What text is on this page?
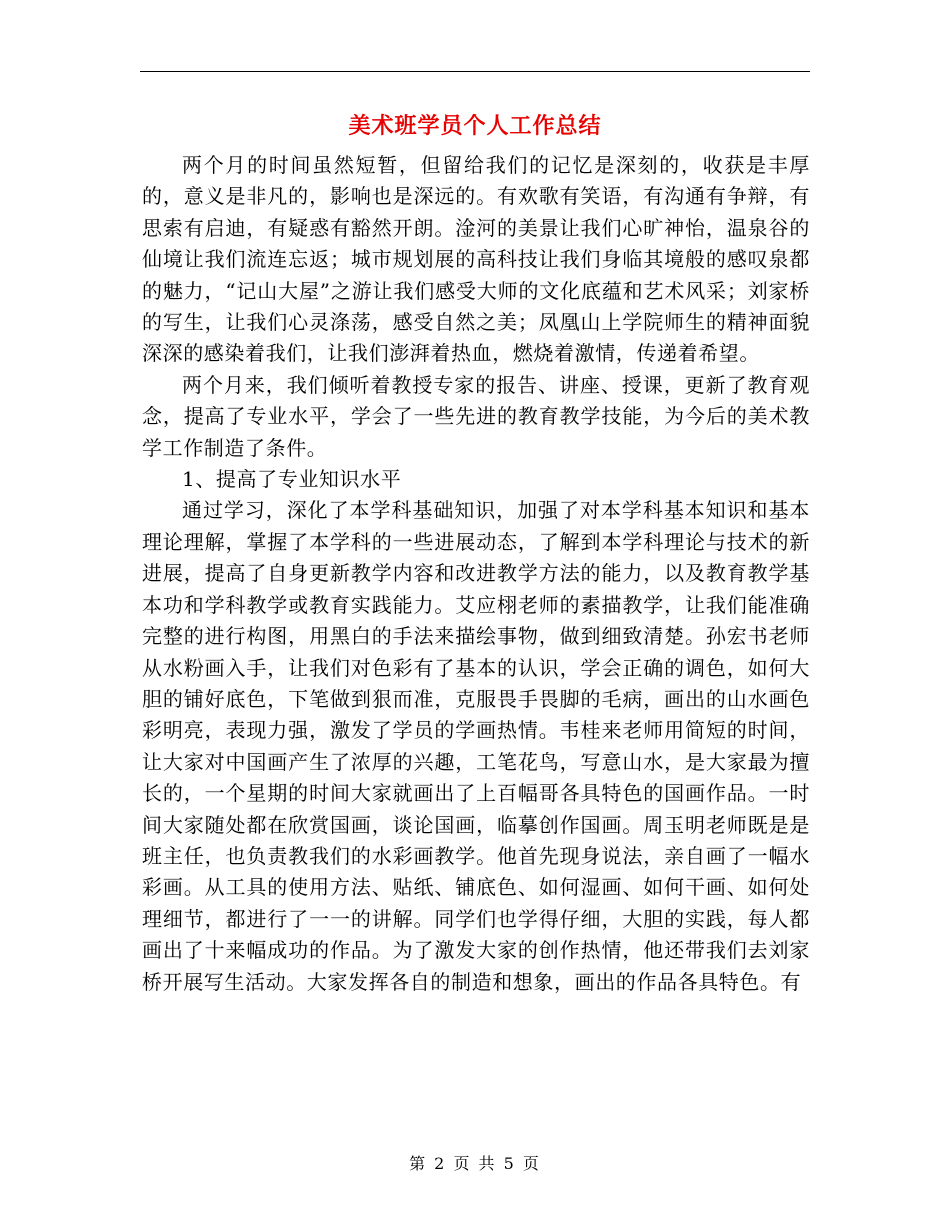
美术班学员个人工作总结

两个月的时间虽然短暂，但留给我们的记忆是深刻的，收获是丰厚的，意义是非凡的，影响也是深远的。有欢歌有笑语，有沟通有争辩，有思索有启迪，有疑惑有豁然开朗。淦河的美景让我们心旷神怡，温泉谷的仙境让我们流连忘返；城市规划展的高科技让我们身临其境般的感叹泉都的魅力，“记山大屋”之游让我们感受大师的文化底蕴和艺术风采；刘家桥的写生，让我们心灵涤荡，感受自然之美；凤凰山上学院师生的精神面貌深深的感染着我们，让我们澎湃着热血，燃烧着激情，传递着希望。

两个月来，我们倾听着教授专家的报告、讲座、授课，更新了教育观念，提高了专业水平，学会了一些先进的教育教学技能，为今后的美术教学工作制造了条件。

1、提高了专业知识水平

通过学习，深化了本学科基础知识，加强了对本学科基本知识和基本理论理解，掌握了本学科的一些进展动态，了解到本学科理论与技术的新进展，提高了自身更新教学内容和改进教学方法的能力，以及教育教学基本功和学科教学或教育实践能力。艾应栩老师的素描教学，让我们能准确完整的进行构图，用黑白的手法来描绘事物，做到细致清楚。孙宏书老师从水粉画入手，让我们对色彩有了基本的认识，学会正确的调色，如何大胆的铺好底色，下笔做到狠而准，克服畏手畏脚的毛病，画出的山水画色彩明亮，表现力强，激发了学员的学画热情。韦桂来老师用简短的时间，让大家对中国画产生了浓厚的兴趣，工笔花鸟，写意山水，是大家最为擅长的，一个星期的时间大家就画出了上百幅哥各具特色的国画作品。一时间大家随处都在欣赏国画，谈论国画，临摹创作国画。周玉明老师既是是班主任，也负责教我们的水彩画教学。他首先现身说法，亲自画了一幅水彩画。从工具的使用方法、贴纸、铺底色、如何湿画、如何干画、如何处理细节，都进行了一一的讲解。同学们也学得仔细，大胆的实践，每人都画出了十来幅成功的作品。为了激发大家的创作热情，他还带我们去刘家桥开展写生活动。大家发挥各自的制造和想象，画出的作品各具特色。有

第 2 页 共 5 页
